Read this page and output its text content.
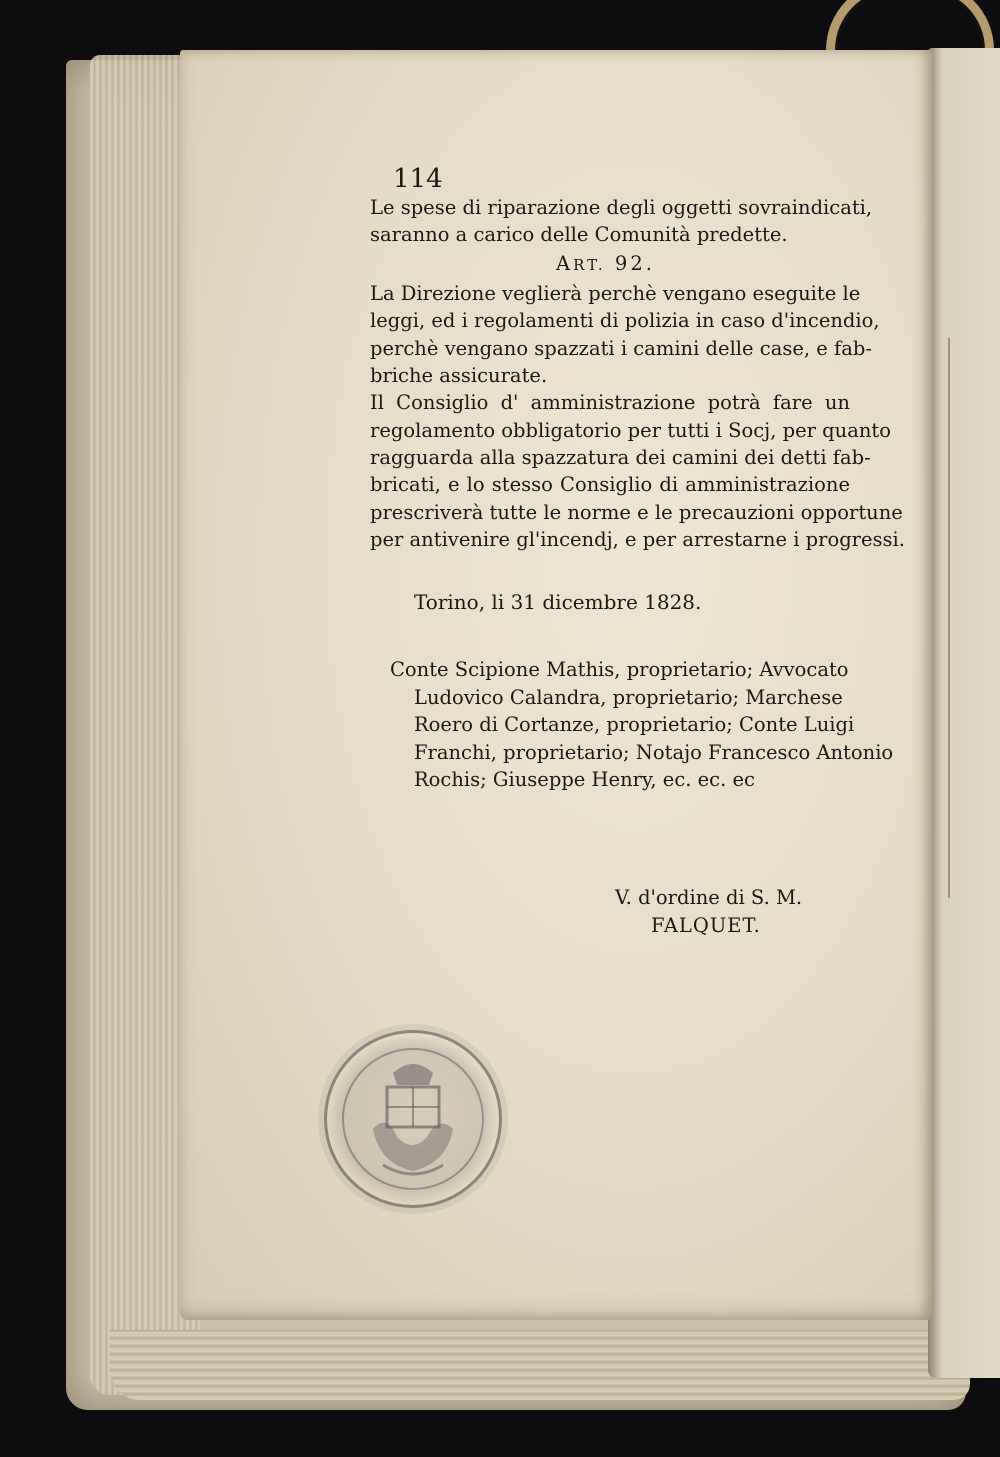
114
Le spese di riparazione degli oggetti sovraindicati,
saranno a carico delle Comunità predette.
ART. 92.
La Direzione veglierà perchè vengano eseguite le
leggi, ed i regolamenti di polizia in caso d'incendio,
perchè vengano spazzati i camini delle case, e fab-
briche assicurate.
Il Consiglio d' amministrazione potrà fare un
regolamento obbligatorio per tutti i Socj, per quanto
ragguarda alla spazzatura dei camini dei detti fab-
bricati, e lo stesso Consiglio di amministrazione
prescriverà tutte le norme e le precauzioni opportune
per antivenire gl'incendj, e per arrestarne i progressi.
Torino, li 31 dicembre 1828.
Conte Scipione Mathis, proprietario; Avvocato
Ludovico Calandra, proprietario; Marchese
Roero di Cortanze, proprietario; Conte Luigi
Franchi, proprietario; Notajo Francesco Antonio
Rochis; Giuseppe Henry, ec. ec. ec
V. d'ordine di S. M.
FALQUET.
